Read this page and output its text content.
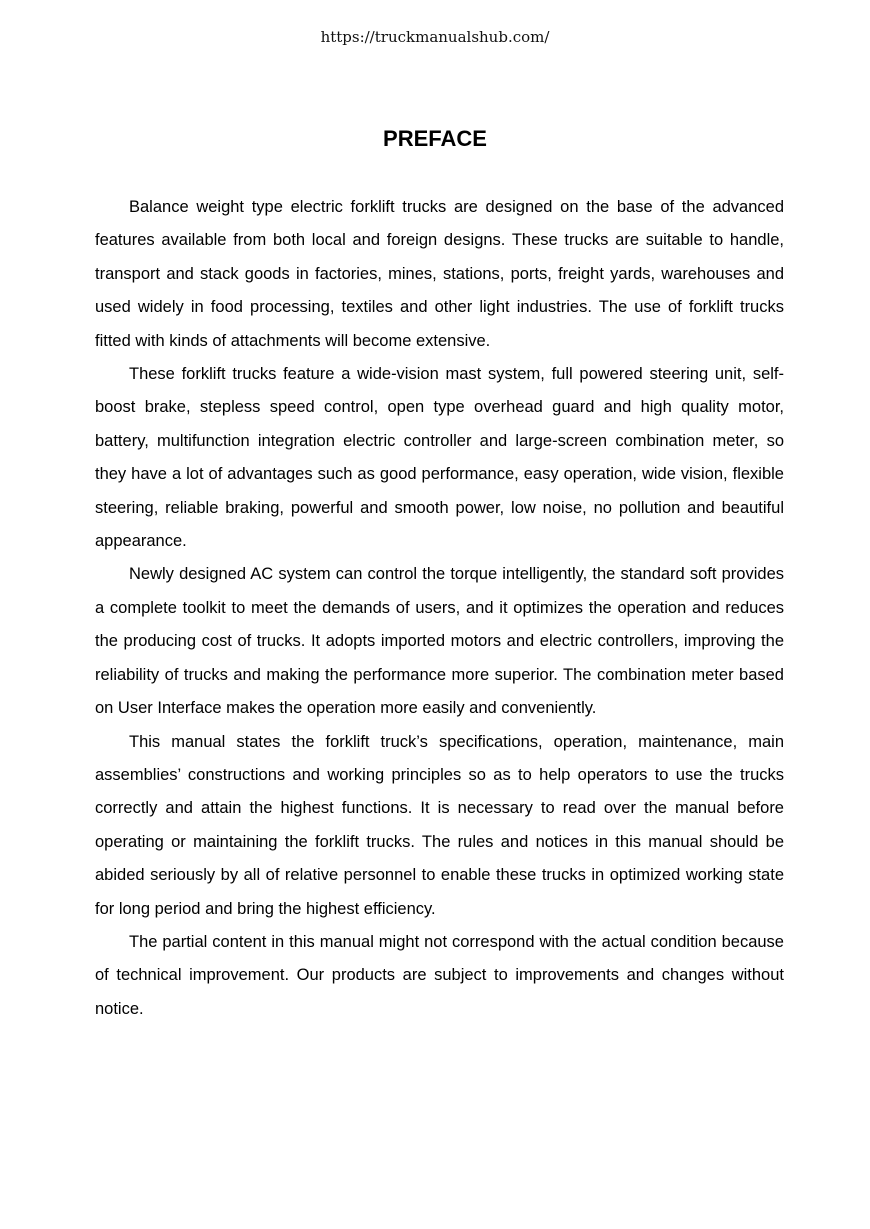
https://truckmanualshub.com/
PREFACE

Balance weight type electric forklift trucks are designed on the base of the advanced features available from both local and foreign designs. These trucks are suitable to handle, transport and stack goods in factories, mines, stations, ports, freight yards, warehouses and used widely in food processing, textiles and other light industries. The use of forklift trucks fitted with kinds of attachments will become extensive.

These forklift trucks feature a wide-vision mast system, full powered steering unit, self-boost brake, stepless speed control, open type overhead guard and high quality motor, battery, multifunction integration electric controller and large-screen combination meter, so they have a lot of advantages such as good performance, easy operation, wide vision, flexible steering, reliable braking, powerful and smooth power, low noise, no pollution and beautiful appearance.

Newly designed AC system can control the torque intelligently, the standard soft provides a complete toolkit to meet the demands of users, and it optimizes the operation and reduces the producing cost of trucks. It adopts imported motors and electric controllers, improving the reliability of trucks and making the performance more superior. The combination meter based on User Interface makes the operation more easily and conveniently.

This manual states the forklift truck’s specifications, operation, maintenance, main assemblies’ constructions and working principles so as to help operators to use the trucks correctly and attain the highest functions. It is necessary to read over the manual before operating or maintaining the forklift trucks. The rules and notices in this manual should be abided seriously by all of relative personnel to enable these trucks in optimized working state for long period and bring the highest efficiency.

The partial content in this manual might not correspond with the actual condition because of technical improvement. Our products are subject to improvements and changes without notice.
